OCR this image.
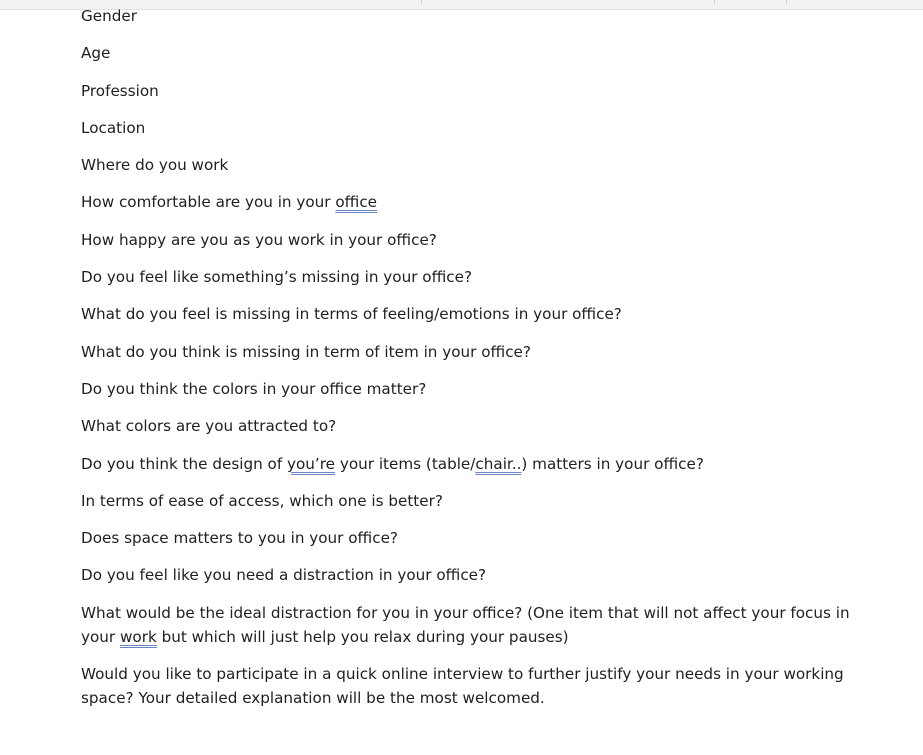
Gender

Age

Profession

Location

Where do you work

How comfortable are you in your office

How happy are you as you work in your office?

Do you feel like something’s missing in your office?

What do you feel is missing in terms of feeling/emotions in your office?

What do you think is missing in term of item in your office?

Do you think the colors in your office matter?

What colors are you attracted to?

Do you think the design of you’re your items (table/chair..) matters in your office?

In terms of ease of access, which one is better?

Does space matters to you in your office?

Do you feel like you need a distraction in your office?

What would be the ideal distraction for you in your office? (One item that will not affect your focus in your work but which will just help you relax during your pauses)

Would you like to participate in a quick online interview to further justify your needs in your working space? Your detailed explanation will be the most welcomed.
